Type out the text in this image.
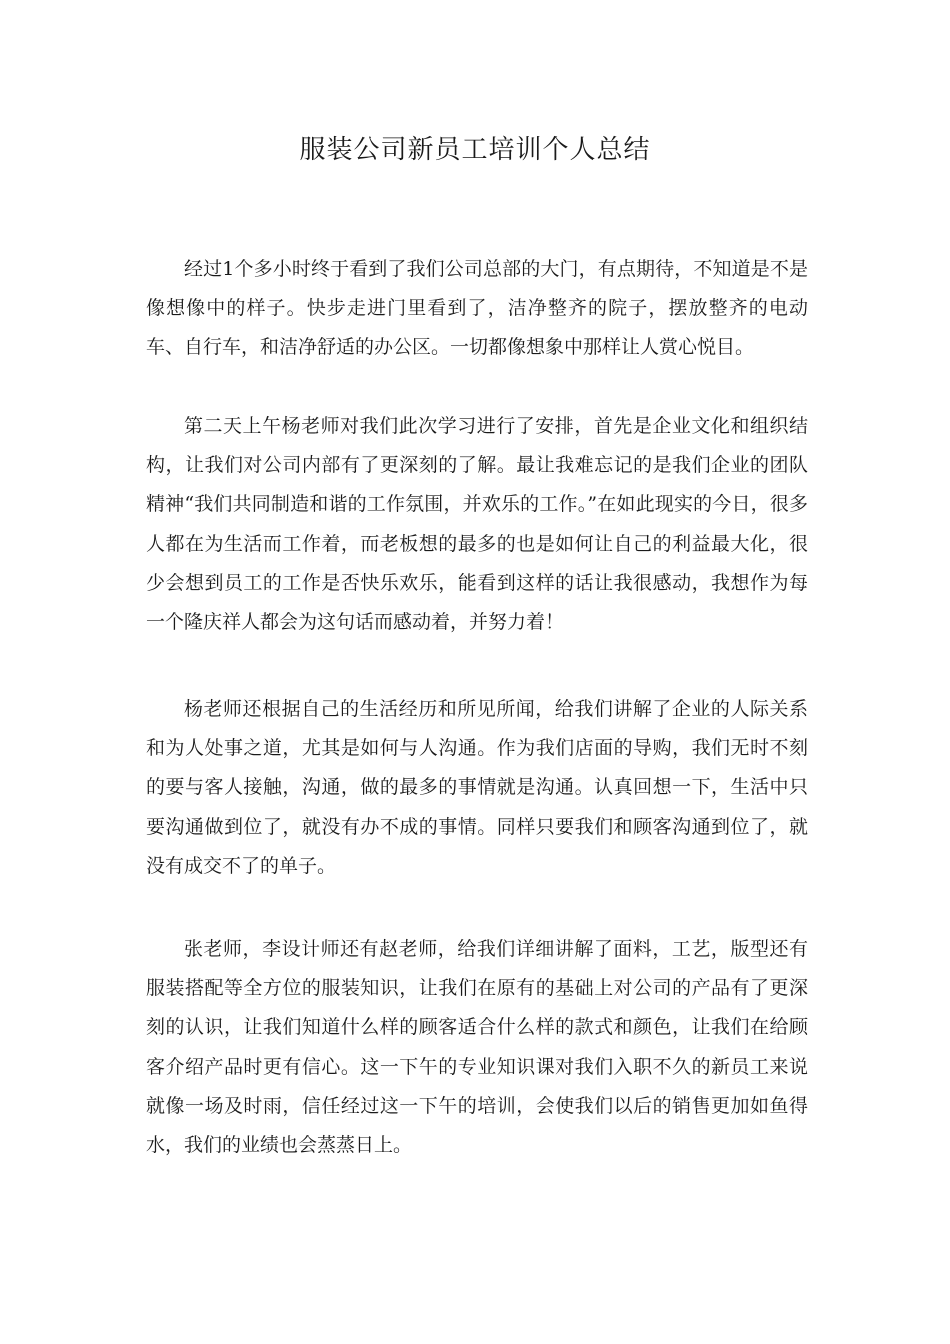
服装公司新员工培训个人总结

经过1个多小时终于看到了我们公司总部的大门，有点期待，不知道是不是像想像中的样子。快步走进门里看到了，洁净整齐的院子，摆放整齐的电动车、自行车，和洁净舒适的办公区。一切都像想象中那样让人赏心悦目。

第二天上午杨老师对我们此次学习进行了安排，首先是企业文化和组织结构，让我们对公司内部有了更深刻的了解。最让我难忘记的是我们企业的团队精神“我们共同制造和谐的工作氛围，并欢乐的工作。”在如此现实的今日，很多人都在为生活而工作着，而老板想的最多的也是如何让自己的利益最大化，很少会想到员工的工作是否快乐欢乐，能看到这样的话让我很感动，我想作为每一个隆庆祥人都会为这句话而感动着，并努力着！

杨老师还根据自己的生活经历和所见所闻，给我们讲解了企业的人际关系和为人处事之道，尤其是如何与人沟通。作为我们店面的导购，我们无时不刻的要与客人接触，沟通，做的最多的事情就是沟通。认真回想一下，生活中只要沟通做到位了，就没有办不成的事情。同样只要我们和顾客沟通到位了，就没有成交不了的单子。

张老师，李设计师还有赵老师，给我们详细讲解了面料，工艺，版型还有服装搭配等全方位的服装知识，让我们在原有的基础上对公司的产品有了更深刻的认识，让我们知道什么样的顾客适合什么样的款式和颜色，让我们在给顾客介绍产品时更有信心。这一下午的专业知识课对我们入职不久的新员工来说就像一场及时雨，信任经过这一下午的培训，会使我们以后的销售更加如鱼得水，我们的业绩也会蒸蒸日上。
